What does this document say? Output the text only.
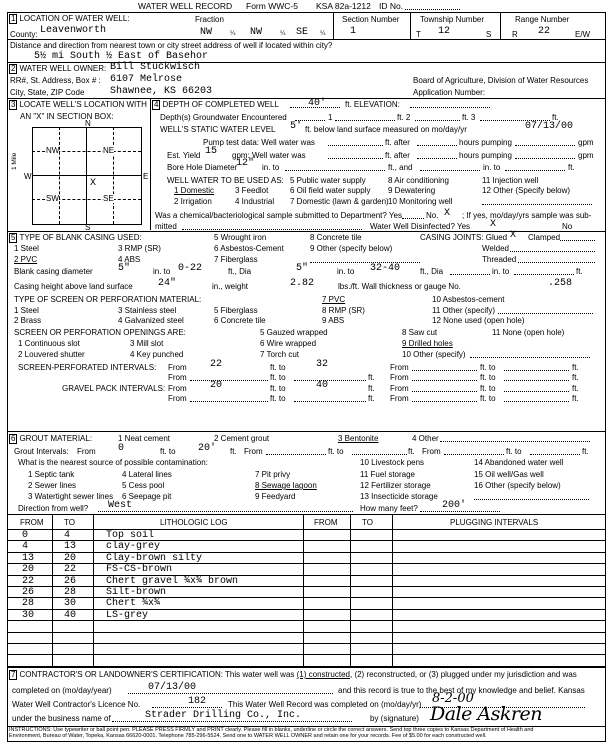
WATER WELL RECORD Form WWC-5 KSA 82a-1212 ID No.
1 LOCATION OF WATER WELL:
County: Leavenworth
Fraction
NW	¼ NW	¼ SE ¼
Section Number
1
Township Number
T 12	S
Range Number
R 22	E/W
Distance and direction from nearest town or city street address of well if located within city?
5½ mi South ½ East of Basehor
2 WATER WELL OWNER: Bill Stuckwisch
RR#, St. Address, Box # : 6107 Melrose
City, State, ZIP Code	Shawnee, KS 66203
Board of Agriculture, Division of Water Resources
Application Number:
3 LOCATE WELL'S LOCATION WITH
AN "X" IN SECTION BOX:
N
S
W	E
NW	NE
SW	SE
X
1 Mile
4 DEPTH OF COMPLETED WELL	40' ft. ELEVATION:
Depth(s) Groundwater Encountered	1	ft. 2	ft. 3	ft.
WELL'S STATIC WATER LEVEL 5' ft. below land surface measured on mo/day/yr	07/13/00
Pump test data: Well water was	ft. after	hours pumping	gpm
Est. Yield 15 gpm: Well water was	ft. after	hours pumping	gpm
Bore Hole Diameter
12" in. to	ft., and	in. to	ft.
WELL WATER TO BE USED AS:
1 Domestic
2 Irrigation
3 Feedlot
4 Industrial
5 Public water supply
6 Oil field water supply
7 Domestic (lawn & garden)
8 Air conditioning
9 Dewatering
10 Monitoring well
11 Injection well
12 Other (Specify below)
Was a chemical/bacteriological sample submitted to Department? Yes	No. X ; If yes, mo/day/yrs sample was sub-
mitted	Water Well Disinfected? Yes X	No
5 TYPE OF BLANK CASING USED:
1 Steel
2 PVC
3 RMP (SR)
4 ABS
5 Wrought iron
6 Asbestos-Cement
7 Fiberglass
8 Concrete tile
9 Other (specify below)
CASING JOINTS: Glued X Clamped
Welded
Threaded
Blank casing diameter	5"	in. to 0-22	ft., Dia	5"	in. to 32-40 ft., Dia	in. to	ft.
Casing height above land surface	24"	in., weight	2.82	lbs./ft. Wall thickness or gauge No.	.258
TYPE OF SCREEN OR PERFORATION MATERIAL:
1 Steel
2 Brass
3 Stainless steel
4 Galvanized steel
5 Fiberglass
6 Concrete tile
7 PVC
8 RMP (SR)
9 ABS
10 Asbestos-cement
11 Other (specify)
12 None used (open hole)
SCREEN OR PERFORATION OPENINGS ARE:
1 Continuous slot
2 Louvered shutter
3 Mill slot
4 Key punched
5 Gauzed wrapped
6 Wire wrapped
7 Torch cut
8 Saw cut
9 Drilled holes
10 Other (specify)
11 None (open hole)
SCREEN-PERFORATED INTERVALS: From 22	ft. to	32	From	ft. to	ft.
From	ft. to	ft. From	ft. to	ft.
GRAVEL PACK INTERVALS: From 20	ft. to	40	ft. From	ft. to	ft.
From	ft. to	ft. From	ft. to	ft.
6 GROUT MATERIAL:	1 Neat cement	2 Cement grout	3 Bentonite	4 Other
Grout Intervals: From 0	ft. to 20' ft. From	ft. to	ft. From	ft. to	ft.
What is the nearest source of possible contamination:
1 Septic tank
2 Sewer lines
3 Watertight sewer lines
4 Lateral lines
5 Cess pool
6 Seepage pit
7 Pit privy
8 Sewage lagoon
9 Feedyard
10 Livestock pens
11 Fuel storage
12 Fertilizer storage
13 Insecticide storage
14 Abandoned water well
15 Oil well/Gas well
16 Other (specify below)
Direction from well? West	How many feet? 200'
FROM	TO	LITHOLOGIC LOG	FROM	TO	PLUGGING INTERVALS
0	4	Top soil
4	13	clay-grey
13	20	Clay-brown silty
20	22	FS-CS-brown
22	26	Chert gravel ¾x¾ brown
26	28	Silt-brown
28	30	Chert ¾x¾
30	40	LS-grey
7 CONTRACTOR'S OR LANDOWNER'S CERTIFICATION: This water well was (1) constructed, (2) reconstructed, or (3) plugged under my jurisdiction and was
completed on (mo/day/year)	07/13/00	and this record is true to the best of my knowledge and belief. Kansas
Water Well Contractor's Licence No.	182	This Water Well Record was completed on (mo/day/yr) 8-2-00
under the business name of	Strader Drilling Co., Inc.	by (signature) Dale Askren
INSTRUCTIONS: Use typewriter or ball point pen. PLEASE PRESS FIRMLY and PRINT clearly. Please fill in blanks, underline or circle the correct answers. Send top three copies to Kansas Department of Health and
Environment, Bureau of Water, Topeka, Kansas 66620-0001. Telephone 785-296-5524. Send one to WATER WELL OWNER and retain one for your records. Fee of $5.00 for each constructed well.
